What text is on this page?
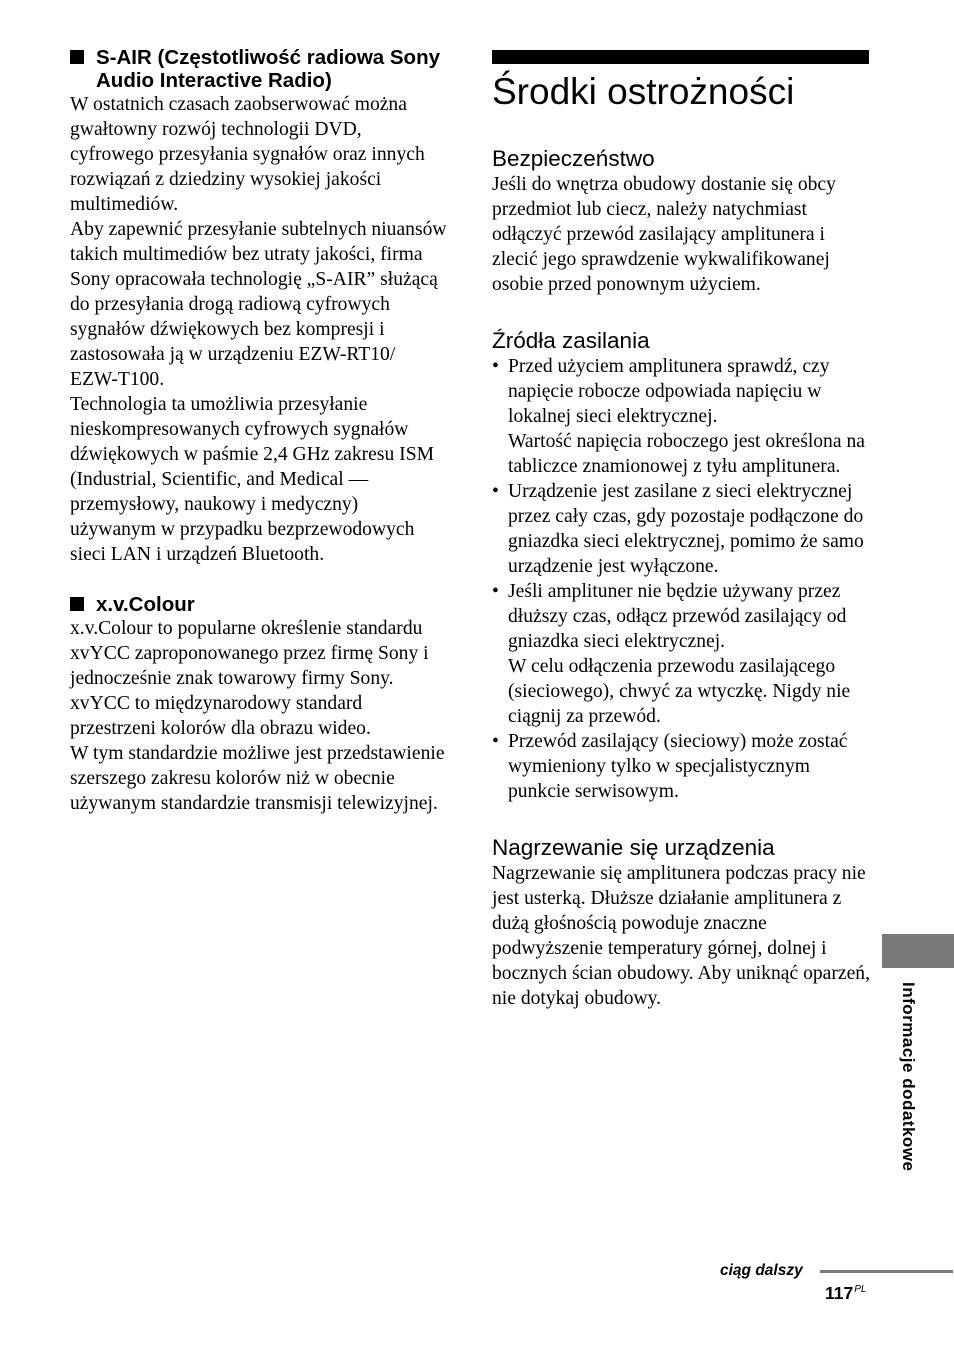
S-AIR (Częstotliwość radiowa Sony Audio Interactive Radio)

W ostatnich czasach zaobserwować można gwałtowny rozwój technologii DVD, cyfrowego przesyłania sygnałów oraz innych rozwiązań z dziedziny wysokiej jakości multimediów.

Aby zapewnić przesyłanie subtelnych niuansów takich multimediów bez utraty jakości, firma Sony opracowała technologię „S-AIR” służącą do przesyłania drogą radiową cyfrowych sygnałów dźwiękowych bez kompresji i zastosowała ją w urządzeniu EZW-RT10/ EZW-T100.

Technologia ta umożliwia przesyłanie nieskompresowanych cyfrowych sygnałów dźwiękowych w paśmie 2,4 GHz zakresu ISM (Industrial, Scientific, and Medical — przemysłowy, naukowy i medyczny) używanym w przypadku bezprzewodowych sieci LAN i urządzeń Bluetooth.

x.v.Colour

x.v.Colour to popularne określenie standardu xvYCC zaproponowanego przez firmę Sony i jednocześnie znak towarowy firmy Sony. xvYCC to międzynarodowy standard przestrzeni kolorów dla obrazu wideo.

W tym standardzie możliwe jest przedstawienie szerszego zakresu kolorów niż w obecnie używanym standardzie transmisji telewizyjnej.

Środki ostrożności
Bezpieczeństwo

Jeśli do wnętrza obudowy dostanie się obcy przedmiot lub ciecz, należy natychmiast odłączyć przewód zasilający amplitunera i zlecić jego sprawdzenie wykwalifikowanej osobie przed ponownym użyciem.

Źródła zasilania
• Przed użyciem amplitunera sprawdź, czy napięcie robocze odpowiada napięciu w lokalnej sieci elektrycznej.
Wartość napięcia roboczego jest określona na tabliczce znamionowej z tyłu amplitunera.
• Urządzenie jest zasilane z sieci elektrycznej przez cały czas, gdy pozostaje podłączone do gniazdka sieci elektrycznej, pomimo że samo urządzenie jest wyłączone.
• Jeśli amplituner nie będzie używany przez dłuższy czas, odłącz przewód zasilający od gniazdka sieci elektrycznej.
W celu odłączenia przewodu zasilającego (sieciowego), chwyć za wtyczkę. Nigdy nie ciągnij za przewód.
• Przewód zasilający (sieciowy) może zostać wymieniony tylko w specjalistycznym punkcie serwisowym.
Nagrzewanie się urządzenia

Nagrzewanie się amplitunera podczas pracy nie jest usterką. Dłuższe działanie amplitunera z dużą głośnością powoduje znaczne podwyższenie temperatury górnej, dolnej i bocznych ścian obudowy. Aby uniknąć oparzeń, nie dotykaj obudowy.	Informacje dodatkowe
ciąg dalszy
$117^{PL}$
